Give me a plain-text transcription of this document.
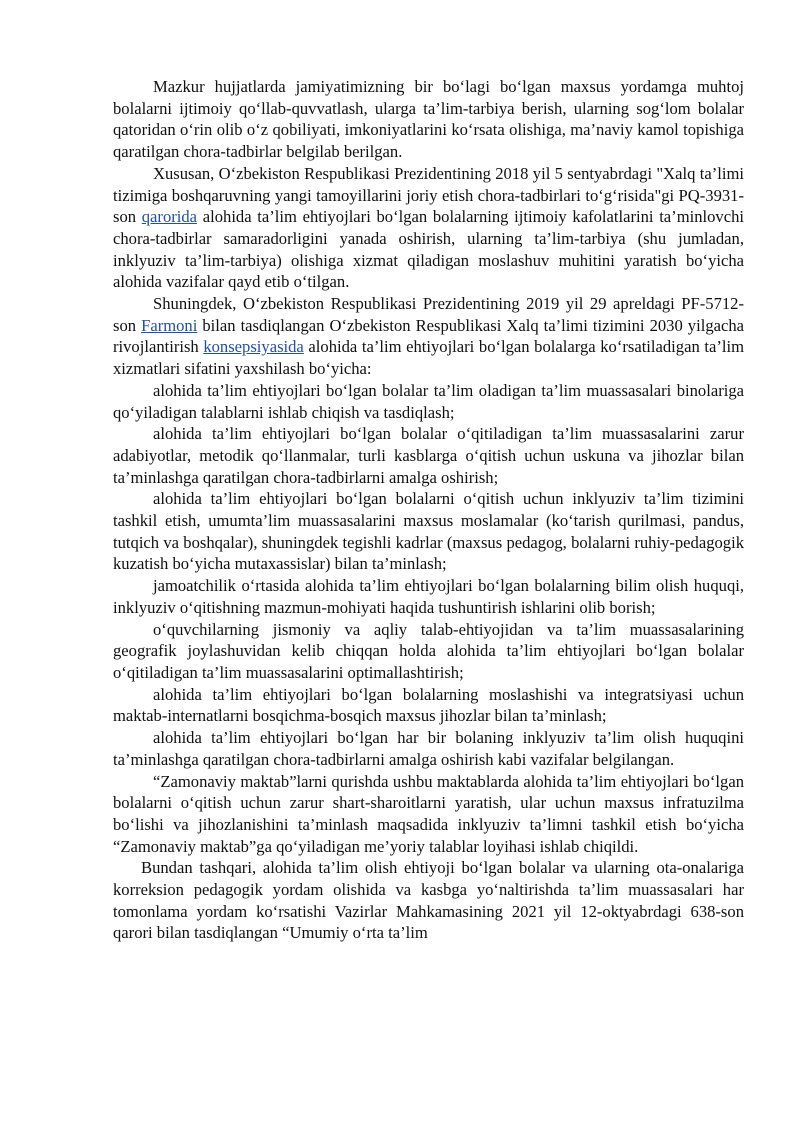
Mazkur hujjatlarda jamiyatimizning bir bo‘lagi bo‘lgan maxsus yordamga muhtoj bolalarni ijtimoiy qo‘llab-quvvatlash, ularga ta’lim-tarbiya berish, ularning sog‘lom bolalar qatoridan o‘rin olib o‘z qobiliyati, imkoniyatlarini ko‘rsata olishiga, ma’naviy kamol topishiga qaratilgan chora-tadbirlar belgilab berilgan.

Xususan, O‘zbekiston Respublikasi Prezidentining 2018 yil 5 sentyabrdagi "Xalq ta’limi tizimiga boshqaruvning yangi tamoyillarini joriy etish chora-tadbirlari to‘g‘risida"gi PQ-3931-son qarorida alohida ta’lim ehtiyojlari bo‘lgan bolalarning ijtimoiy kafolatlarini ta’minlovchi chora-tadbirlar samaradorligini yanada oshirish, ularning ta’lim-tarbiya (shu jumladan, inklyuziv ta’lim-tarbiya) olishiga xizmat qiladigan moslashuv muhitini yaratish bo‘yicha alohida vazifalar qayd etib o‘tilgan.

Shuningdek, O‘zbekiston Respublikasi Prezidentining 2019 yil 29 apreldagi PF-5712-son Farmoni bilan tasdiqlangan O‘zbekiston Respublikasi Xalq ta’limi tizimini 2030 yilgacha rivojlantirish konsepsiyasida alohida ta’lim ehtiyojlari bo‘lgan bolalarga ko‘rsatiladigan ta’lim xizmatlari sifatini yaxshilash bo‘yicha:

alohida ta’lim ehtiyojlari bo‘lgan bolalar ta’lim oladigan ta’lim muassasalari binolariga qo‘yiladigan talablarni ishlab chiqish va tasdiqlash;

alohida ta’lim ehtiyojlari bo‘lgan bolalar o‘qitiladigan ta’lim muassasalarini zarur adabiyotlar, metodik qo‘llanmalar, turli kasblarga o‘qitish uchun uskuna va jihozlar bilan ta’minlashga qaratilgan chora-tadbirlarni amalga oshirish;

alohida ta’lim ehtiyojlari bo‘lgan bolalarni o‘qitish uchun inklyuziv ta’lim tizimini tashkil etish, umumta’lim muassasalarini maxsus moslamalar (ko‘tarish qurilmasi, pandus, tutqich va boshqalar), shuningdek tegishli kadrlar (maxsus pedagog, bolalarni ruhiy-pedagogik kuzatish bo‘yicha mutaxassislar) bilan ta’minlash;

jamoatchilik o‘rtasida alohida ta’lim ehtiyojlari bo‘lgan bolalarning bilim olish huquqi, inklyuziv o‘qitishning mazmun-mohiyati haqida tushuntirish ishlarini olib borish;

o‘quvchilarning jismoniy va aqliy talab-ehtiyojidan va ta’lim muassasalarining geografik joylashuvidan kelib chiqqan holda alohida ta’lim ehtiyojlari bo‘lgan bolalar o‘qitiladigan ta’lim muassasalarini optimallashtirish;

alohida ta’lim ehtiyojlari bo‘lgan bolalarning moslashishi va integratsiyasi uchun maktab-internatlarni bosqichma-bosqich maxsus jihozlar bilan ta’minlash;

alohida ta’lim ehtiyojlari bo‘lgan har bir bolaning inklyuziv ta’lim olish huquqini ta’minlashga qaratilgan chora-tadbirlarni amalga oshirish kabi vazifalar belgilangan.

“Zamonaviy maktab”larni qurishda ushbu maktablarda alohida ta’lim ehtiyojlari bo‘lgan bolalarni o‘qitish uchun zarur shart-sharoitlarni yaratish, ular uchun maxsus infratuzilma bo‘lishi va jihozlanishini ta’minlash maqsadida inklyuziv ta’limni tashkil etish bo‘yicha “Zamonaviy maktab”ga qo‘yiladigan me’yoriy talablar loyihasi ishlab chiqildi.

Bundan tashqari, alohida ta’lim olish ehtiyoji bo‘lgan bolalar va ularning ota-onalariga korreksion pedagogik yordam olishida va kasbga yo‘naltirishda ta’lim muassasalari har tomonlama yordam ko‘rsatishi Vazirlar Mahkamasining 2021 yil 12-oktyabrdagi 638-son qarori bilan tasdiqlangan “Umumiy o‘rta ta’lim
